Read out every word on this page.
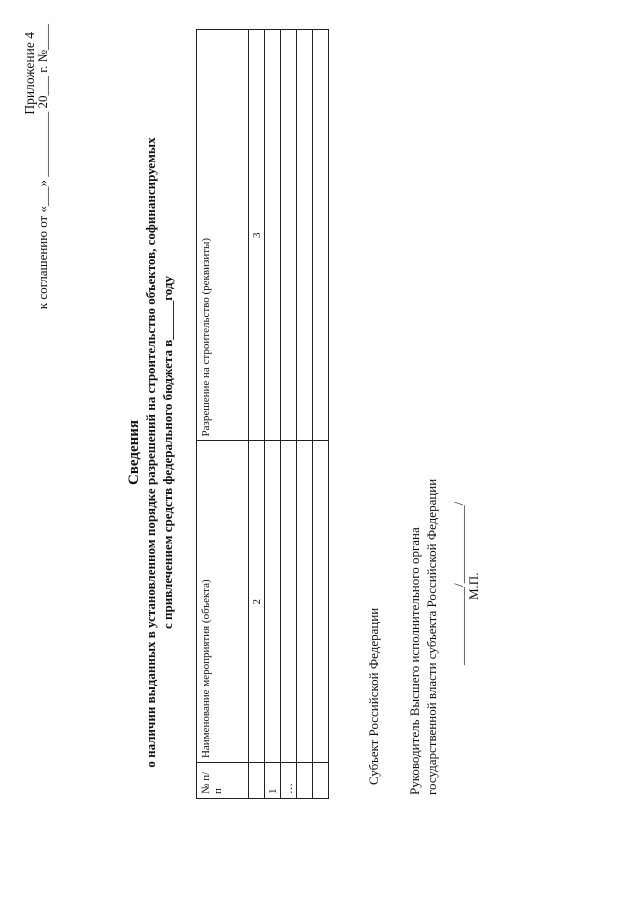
Приложение 4
к соглашению от «___» __________ 20___ г. №____
Сведения о наличии выданных в установленном порядке разрешений на строительство объектов, софинансируемых с привлечением средств федерального бюджета в______году
№ п/п	Наименование мероприятия (объекта)	Разрешение на строительство (реквизиты)
	2	3
1		
…		

Субъект Российской Федерации Руководитель Высшего исполнительного органа государственной власти субъекта Российской Федерации ____________/____________/ М.П.
